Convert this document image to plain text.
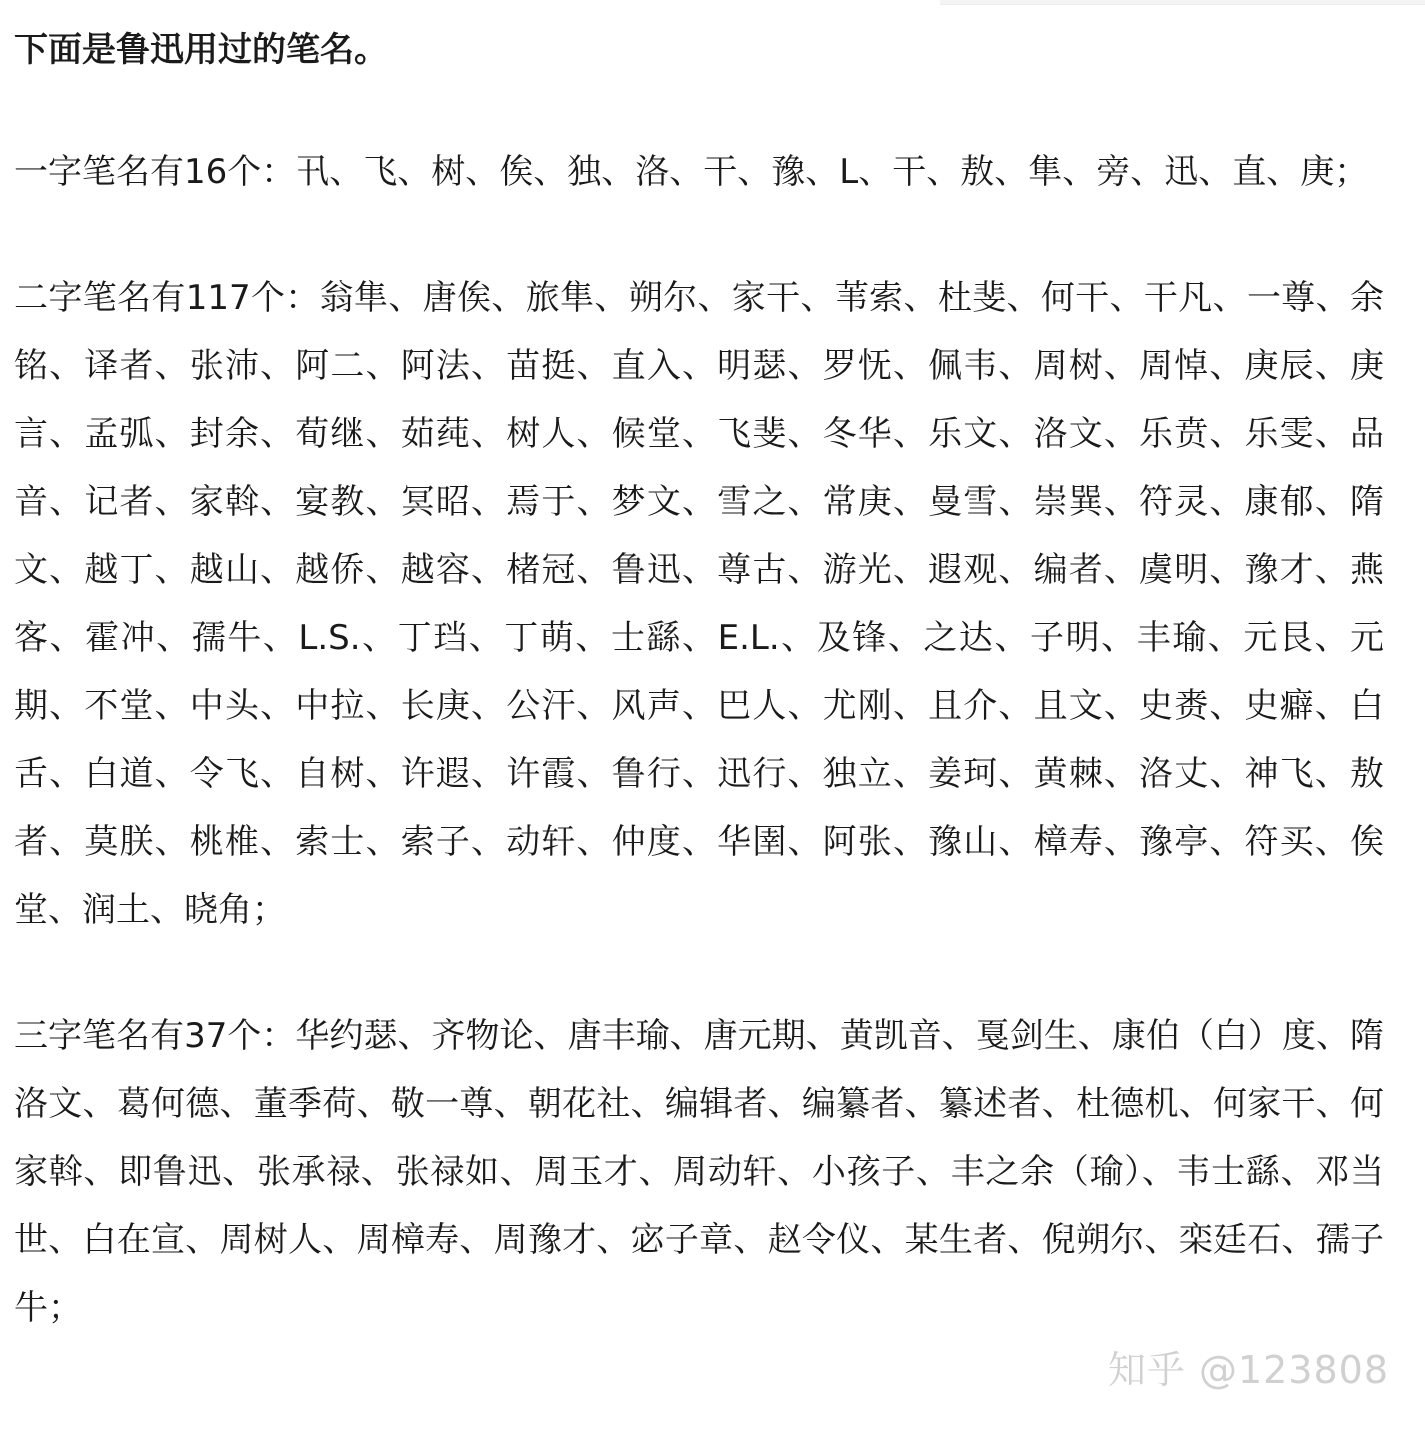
下面是鲁迅用过的笔名。

一字笔名有16个：卂、飞、树、俟、独、洛、干、豫、L、干、敖、隼、旁、迅、直、庚；

二字笔名有117个：翁隼、唐俟、旅隼、朔尔、家干、苇索、杜斐、何干、干凡、一尊、余铭、译者、张沛、阿二、阿法、苗挺、直入、明瑟、罗怃、佩韦、周树、周悼、庚辰、庚言、孟弧、封余、荀继、茹莼、树人、候堂、飞斐、冬华、乐文、洛文、乐贲、乐雯、品音、记者、家斡、宴教、冥昭、焉于、梦文、雪之、常庚、曼雪、崇巽、符灵、康郁、隋文、越丁、越山、越侨、越容、楮冠、鲁迅、尊古、游光、遐观、编者、虞明、豫才、燕客、霍冲、孺牛、L.S.、丁珰、丁萌、士繇、E.L.、及锋、之达、子明、丰瑜、元艮、元期、不堂、中头、中拉、长庚、公汗、风声、巴人、尤刚、且介、且文、史赉、史癖、白舌、白道、令飞、自树、许遐、许霞、鲁行、迅行、独立、姜珂、黄棘、洛丈、神飞、敖者、莫朕、桃椎、索士、索子、动轩、仲度、华圉、阿张、豫山、樟寿、豫亭、符买、俟堂、润土、晓角；

三字笔名有37个：华约瑟、齐物论、唐丰瑜、唐元期、黄凯音、戛剑生、康伯（白）度、隋洛文、葛何德、董季荷、敬一尊、朝花社、编辑者、编纂者、纂述者、杜德机、何家干、何家斡、即鲁迅、张承禄、张禄如、周玉才、周动轩、小孩子、丰之余（瑜）、韦士繇、邓当世、白在宣、周树人、周樟寿、周豫才、宓子章、赵令仪、某生者、倪朔尔、栾廷石、孺子牛；

知乎 @123808
